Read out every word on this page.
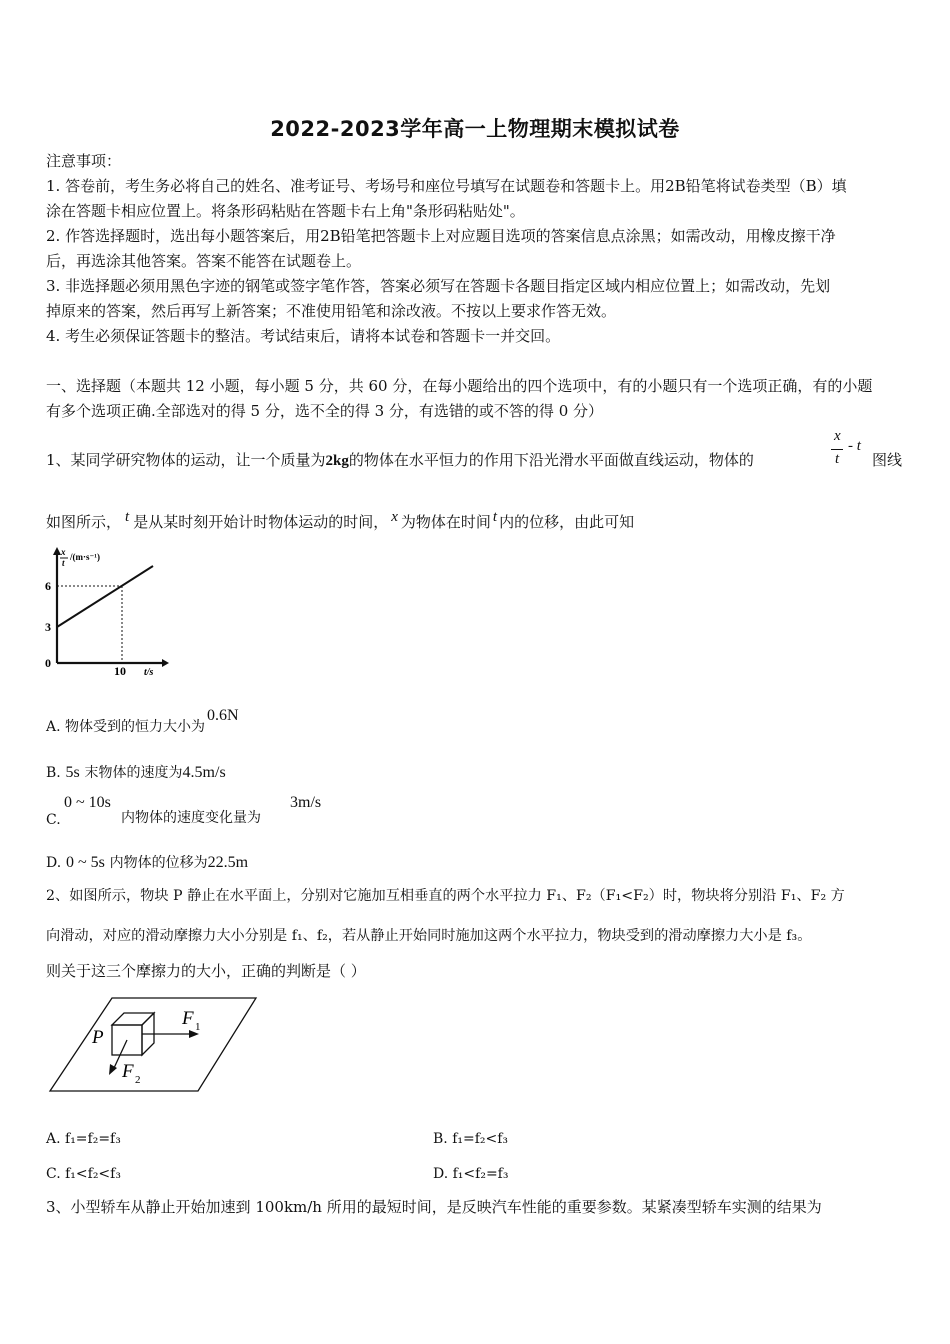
2022-2023学年高一上物理期末模拟试卷
注意事项：
1. 答卷前，考生务必将自己的姓名、准考证号、考场号和座位号填写在试题卷和答题卡上。用2B铅笔将试卷类型（B）填
涂在答题卡相应位置上。将条形码粘贴在答题卡右上角"条形码粘贴处"。
2. 作答选择题时，选出每小题答案后，用2B铅笔把答题卡上对应题目选项的答案信息点涂黑；如需改动，用橡皮擦干净
后，再选涂其他答案。答案不能答在试题卷上。
3. 非选择题必须用黑色字迹的钢笔或签字笔作答，答案必须写在答题卡各题目指定区域内相应位置上；如需改动，先划
掉原来的答案，然后再写上新答案；不准使用铅笔和涂改液。不按以上要求作答无效。
4. 考生必须保证答题卡的整洁。考试结束后，请将本试卷和答题卡一并交回。
一、选择题（本题共 12 小题，每小题 5 分，共 60 分，在每小题给出的四个选项中，有的小题只有一个选项正确，有的小题
有多个选项正确.全部选对的得 5 分，选不全的得 3 分，有选错的或不答的得 0 分）
1、某同学研究物体的运动，让一个质量为2kg的物体在水平恒力的作用下沿光滑水平面做直线运动，物体的
x
t
- t
图线
如图所示， t 是从某时刻开始计时物体运动的时间， x 为物体在时间 t 内的位移，由此可知
x
t
/(m·s⁻¹)
6
3
0
10 t/s
A. 物体受到的恒力大小为0.6N
B. 5s 末物体的速度为4.5m/s
C.
0 ~ 10s
内物体的速度变化量为
3m/s
D. 0 ~ 5s 内物体的位移为22.5m
2、如图所示，物块 P 静止在水平面上，分别对它施加互相垂直的两个水平拉力 F₁、F₂（F₁<F₂）时，物块将分别沿 F₁、F₂ 方
向滑动，对应的滑动摩擦力大小分别是 f₁、f₂，若从静止开始同时施加这两个水平拉力，物块受到的滑动摩擦力大小是 f₃。
则关于这三个摩擦力的大小，正确的判断是（ ）
P
F 1
F 2
A. f₁=f₂=f₃	B. f₁=f₂<f₃
C. f₁<f₂<f₃	D. f₁<f₂=f₃
3、小型轿车从静止开始加速到 100km/h 所用的最短时间，是反映汽车性能的重要参数。某紧凑型轿车实测的结果为
